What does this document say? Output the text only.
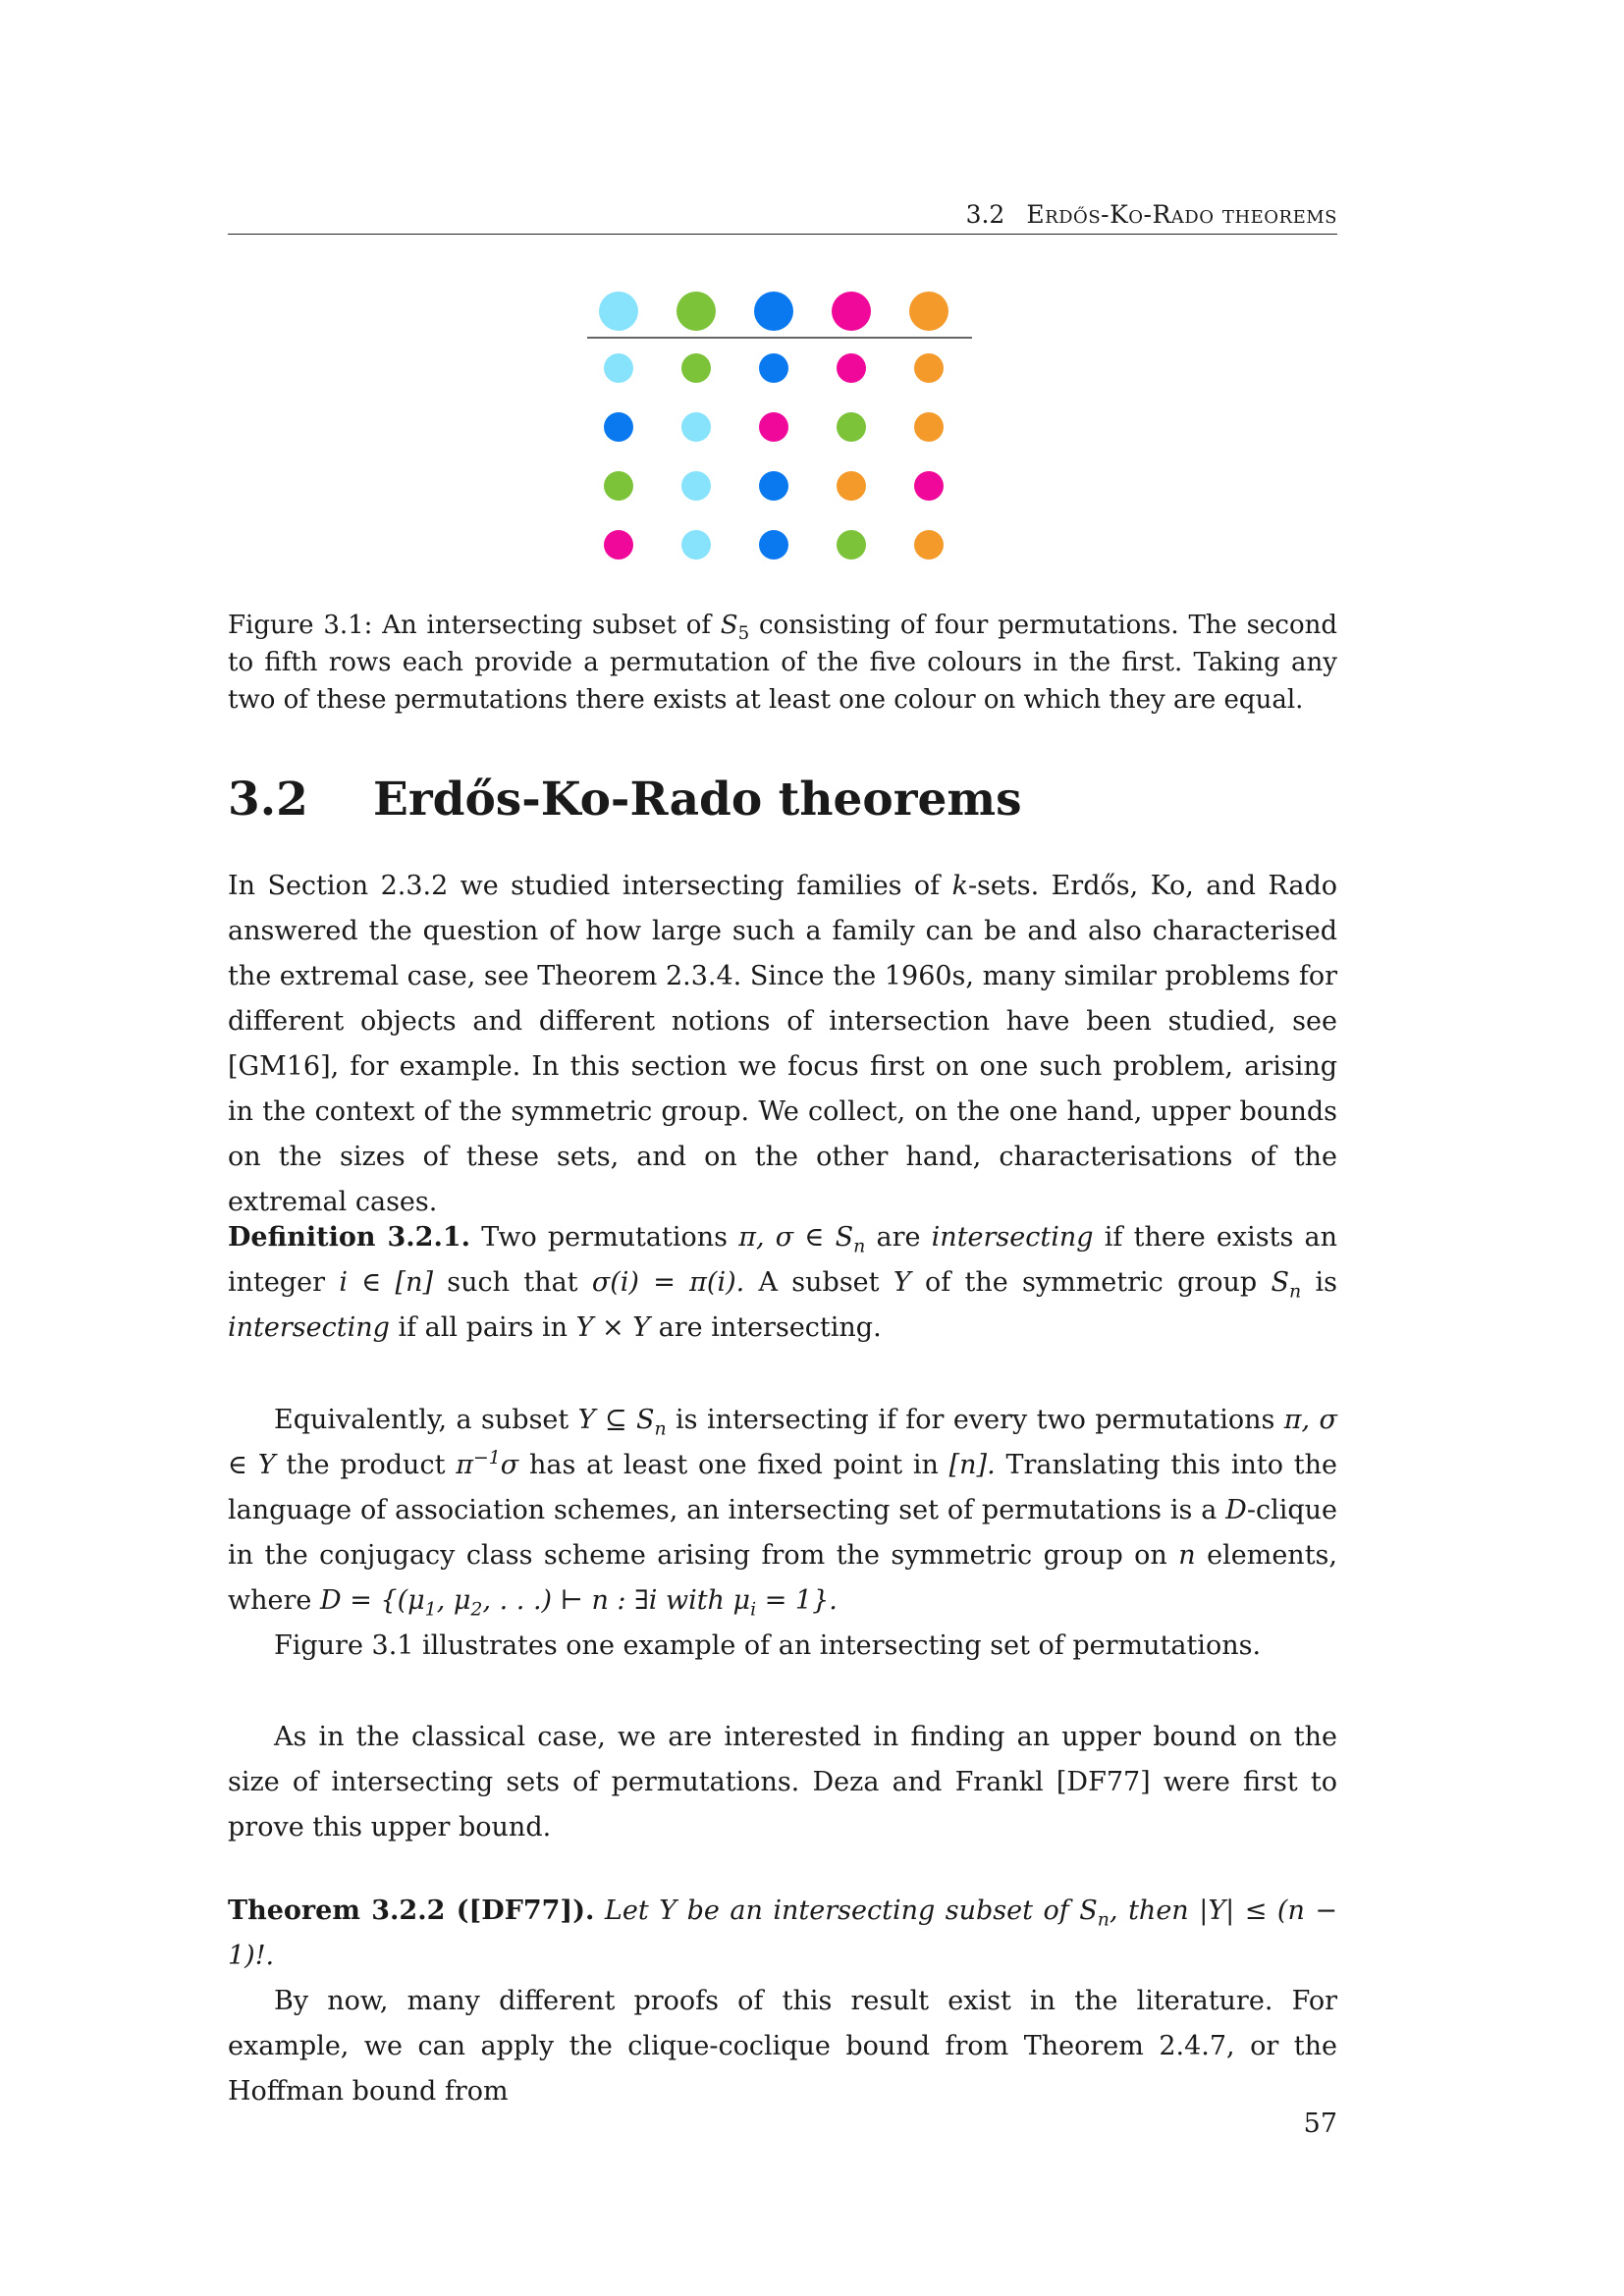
3.2 Erdős-Ko-Rado theorems
Figure 3.1: An intersecting subset of $S_5$ consisting of four permutations. The second to fifth rows each provide a permutation of the five colours in the first. Taking any two of these permutations there exists at least one colour on which they are equal.
3.2 Erdős-Ko-Rado theorems
In Section 2.3.2 we studied intersecting families of k-sets. Erdős, Ko, and Rado answered the question of how large such a family can be and also characterised the extremal case, see Theorem 2.3.4. Since the 1960s, many similar problems for different objects and different notions of intersection have been studied, see [GM16], for example. In this section we focus first on one such problem, arising in the context of the symmetric group. We collect, on the one hand, upper bounds on the sizes of these sets, and on the other hand, characterisations of the extremal cases.
Definition 3.2.1. Two permutations π, σ ∈ $S_n$ are intersecting if there exists an integer i ∈ [n] such that σ(i) = π(i). A subset Y of the symmetric group $S_n$ is intersecting if all pairs in Y × Y are intersecting.
Equivalently, a subset Y ⊆ $S_n$ is intersecting if for every two permutations π, σ ∈ Y the product $\pi^{-1}\sigma$ has at least one fixed point in [n]. Translating this into the language of association schemes, an intersecting set of permutations is a D-clique in the conjugacy class scheme arising from the symmetric group on n elements, where $D = \{(\mu_1$, $\mu_2$, . . .) ⊢ n : ∃i with $\mu_i = 1$}.
Figure 3.1 illustrates one example of an intersecting set of permutations.
As in the classical case, we are interested in finding an upper bound on the size of intersecting sets of permutations. Deza and Frankl [DF77] were first to prove this upper bound.
Theorem 3.2.2 ([DF77]). Let Y be an intersecting subset of $S_n$, then |Y| ≤ (n − 1)!.
By now, many different proofs of this result exist in the literature. For example, we can apply the clique-coclique bound from Theorem 2.4.7, or the Hoffman bound from
57
